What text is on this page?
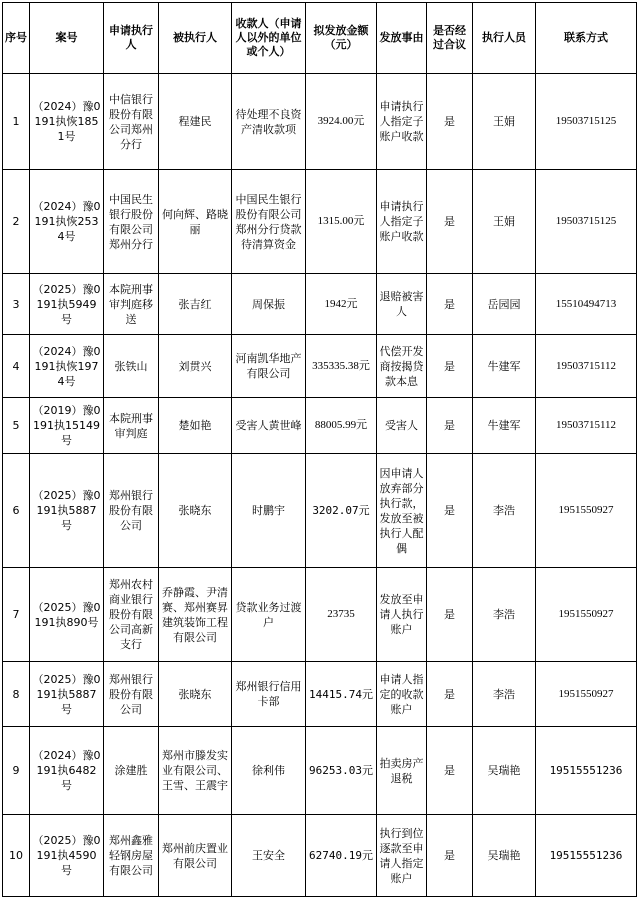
序号	案号	申请执行人	被执行人	收款人（申请人以外的单位或个人）	拟发放金额（元）	发放事由	是否经过合议	执行人员	联系方式
1	（2024）豫0191执恢1851号	中信银行股份有限公司郑州分行	程建民	待处理不良资产清收款项	3924.00元	申请执行人指定子账户收款	是	王娟	19503715125
2	（2024）豫0191执恢2534号	中国民生银行股份有限公司郑州分行	何向辉、路晓丽	中国民生银行股份有限公司郑州分行贷款待清算资金	1315.00元	申请执行人指定子账户收款	是	王娟	19503715125
3	（2025）豫0191执5949号	本院刑事审判庭移送	张吉红	周保振	1942元	退赔被害人	是	岳园园	15510494713
4	（2024）豫0191执恢1974号	张铁山	刘贯兴	河南凯华地产有限公司	335335.38元	代偿开发商按揭贷款本息	是	牛建军	19503715112
5	（2019）豫0191执15149号	本院刑事审判庭	楚如艳	受害人黄世峰	88005.99元	受害人	是	牛建军	19503715112
6	（2025）豫0191执5887号	郑州银行股份有限公司	张晓东	时鹏宇	3202.07元	因申请人放弃部分执行款，发放至被执行人配偶	是	李浩	1951550927
7	（2025）豫0191执890号	郑州农村商业银行股份有限公司高新支行	乔静霞、尹清赛、郑州赛昇建筑装饰工程有限公司	贷款业务过渡户	23735	发放至申请人执行账户	是	李浩	1951550927
8	（2025）豫0191执5887号	郑州银行股份有限公司	张晓东	郑州银行信用卡部	14415.74元	申请人指定的收款账户	是	李浩	1951550927
9	（2024）豫0191执6482号	涂建胜	郑州市滕发实业有限公司、王雪、王震宇	徐利伟	96253.03元	拍卖房产退税	是	吴瑞艳	19515551236
10	（2025）豫0191执4590号	郑州鑫雅轻钢房屋有限公司	郑州前庆置业有限公司	王安全	62740.19元	执行到位逐款至申请人指定账户	是	吴瑞艳	19515551236
